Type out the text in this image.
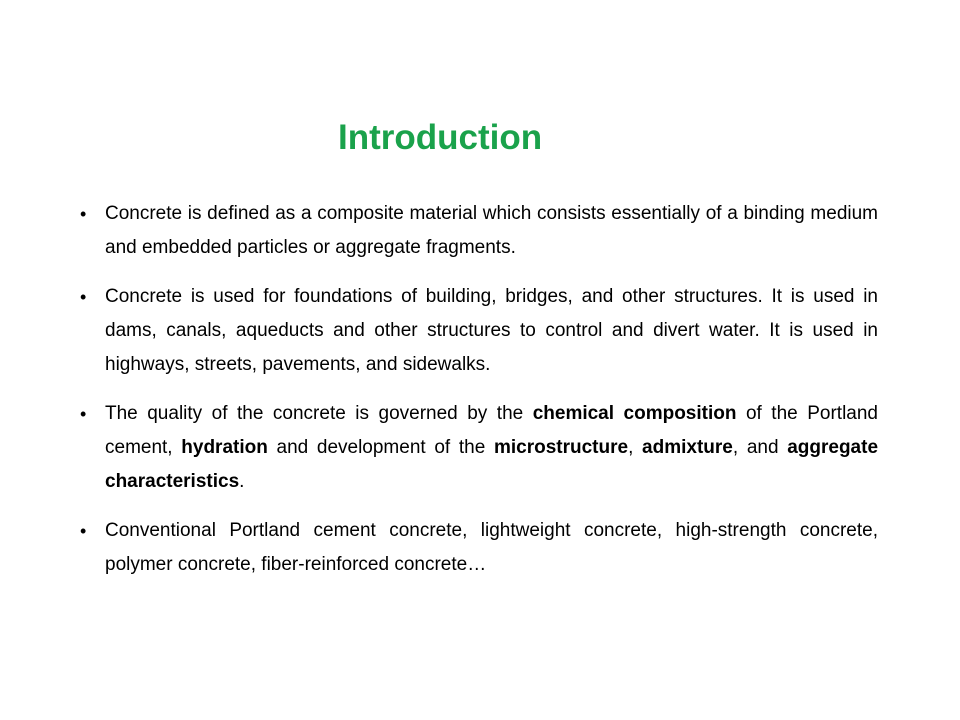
Introduction
• Concrete is defined as a composite material which consists essentially of a binding medium and embedded particles or aggregate fragments.
• Concrete is used for foundations of building, bridges, and other structures. It is used in dams, canals, aqueducts and other structures to control and divert water. It is used in highways, streets, pavements, and sidewalks.
• The quality of the concrete is governed by the chemical composition of the Portland cement, hydration and development of the microstructure, admixture, and aggregate characteristics.
• Conventional Portland cement concrete, lightweight concrete, high-strength concrete, polymer concrete, fiber-reinforced concrete…
